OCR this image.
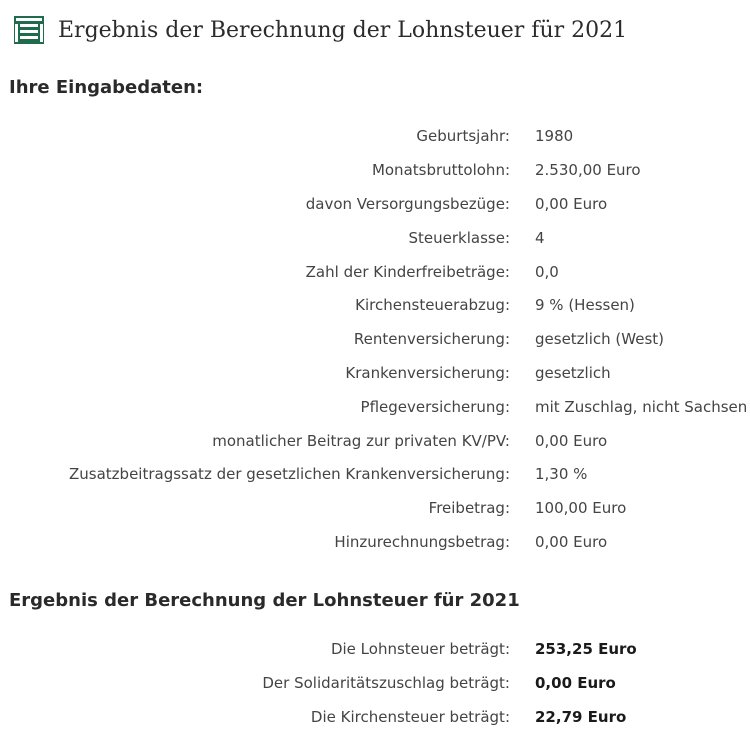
Ergebnis der Berechnung der Lohnsteuer für 2021
Ihre Eingabedaten:
Geburtsjahr: 1980
Monatsbruttolohn: 2.530,00 Euro
davon Versorgungsbezüge: 0,00 Euro
Steuerklasse: 4
Zahl der Kinderfreibeträge: 0,0
Kirchensteuerabzug: 9 % (Hessen)
Rentenversicherung: gesetzlich (West)
Krankenversicherung: gesetzlich
Pflegeversicherung: mit Zuschlag, nicht Sachsen
monatlicher Beitrag zur privaten KV/PV: 0,00 Euro
Zusatzbeitragssatz der gesetzlichen Krankenversicherung: 1,30 %
Freibetrag: 100,00 Euro
Hinzurechnungsbetrag: 0,00 Euro
Ergebnis der Berechnung der Lohnsteuer für 2021
Die Lohnsteuer beträgt: 253,25 Euro
Der Solidaritätszuschlag beträgt: 0,00 Euro
Die Kirchensteuer beträgt: 22,79 Euro
